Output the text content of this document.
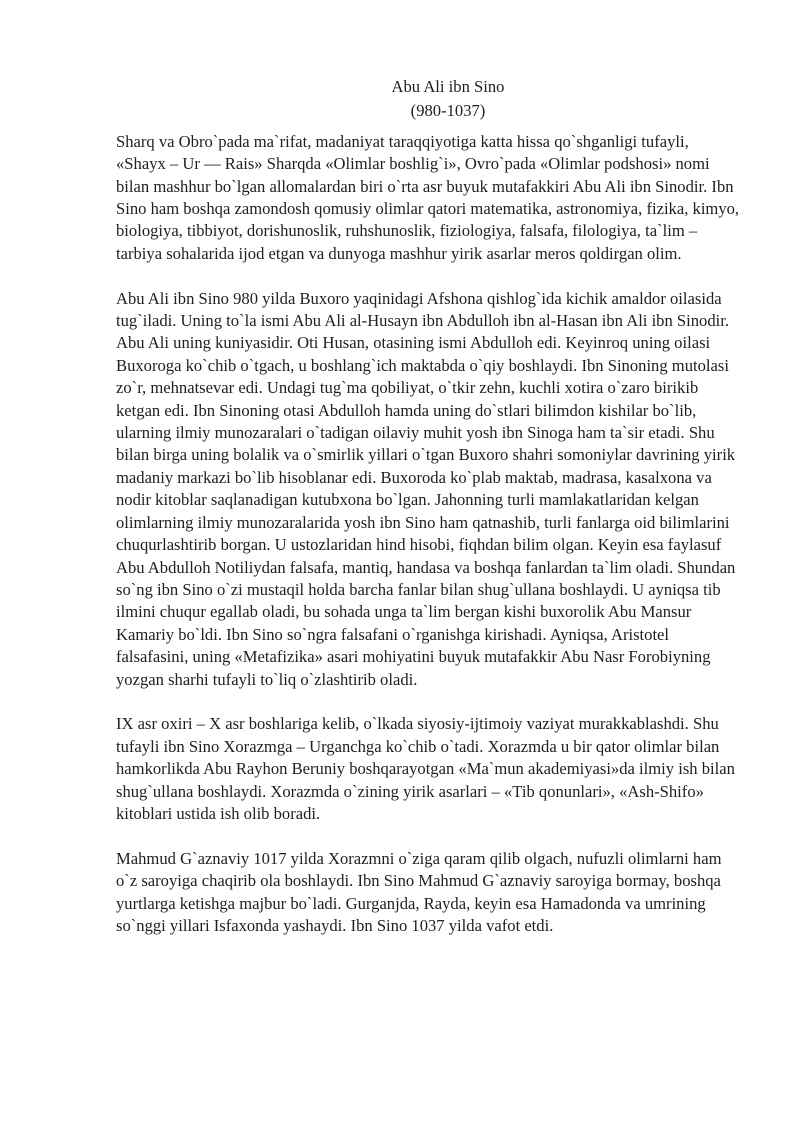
Abu Ali ibn Sino

(980-1037)

Sharq va Obro`pada ma`rifat, madaniyat taraqqiyotiga katta hissa qo`shganligi tufayli, «Shayx – Ur — Rais» Sharqda «Olimlar boshlig`i», Ovro`pada «Olimlar podshosi» nomi bilan mashhur bo`lgan allomalardan biri o`rta asr buyuk mutafakkiri Abu Ali ibn Sinodir. Ibn Sino ham boshqa zamondosh qomusiy olimlar qatori matematika, astronomiya, fizika, kimyo, biologiya, tibbiyot, dorishunoslik, ruhshunoslik, fiziologiya, falsafa, filologiya, ta`lim – tarbiya sohalarida ijod etgan va dunyoga mashhur yirik asarlar meros qoldirgan olim.

Abu Ali ibn Sino 980 yilda Buxoro yaqinidagi Afshona qishlog`ida kichik amaldor oilasida tug`iladi. Uning to`la ismi Abu Ali al-Husayn ibn Abdulloh ibn al-Hasan ibn Ali ibn Sinodir. Abu Ali uning kuniyasidir. Oti Husan, otasining ismi Abdulloh edi. Keyinroq uning oilasi Buxoroga ko`chib o`tgach, u boshlang`ich maktabda o`qiy boshlaydi. Ibn Sinoning mutolasi zo`r, mehnatsevar edi. Undagi tug`ma qobiliyat, o`tkir zehn, kuchli xotira o`zaro birikib ketgan edi. Ibn Sinoning otasi Abdulloh hamda uning do`stlari bilimdon kishilar bo`lib, ularning ilmiy munozaralari o`tadigan oilaviy muhit yosh ibn Sinoga ham ta`sir etadi. Shu bilan birga uning bolalik va o`smirlik yillari o`tgan Buxoro shahri somoniylar davrining yirik madaniy markazi bo`lib hisoblanar edi. Buxoroda ko`plab maktab, madrasa, kasalxona va nodir kitoblar saqlanadigan kutubxona bo`lgan. Jahonning turli mamlakatlaridan kelgan olimlarning ilmiy munozaralarida yosh ibn Sino ham qatnashib, turli fanlarga oid bilimlarini chuqurlashtirib borgan. U ustozlaridan hind hisobi, fiqhdan bilim olgan. Keyin esa faylasuf Abu Abdulloh Notiliydan falsafa, mantiq, handasa va boshqa fanlardan ta`lim oladi. Shundan so`ng ibn Sino o`zi mustaqil holda barcha fanlar bilan shug`ullana boshlaydi. U ayniqsa tib ilmini chuqur egallab oladi, bu sohada unga ta`lim bergan kishi buxorolik Abu Mansur Kamariy bo`ldi. Ibn Sino so`ngra falsafani o`rganishga kirishadi. Ayniqsa, Aristotel falsafasini, uning «Metafizika» asari mohiyatini buyuk mutafakkir Abu Nasr Forobiyning yozgan sharhi tufayli to`liq o`zlashtirib oladi.

IX asr oxiri – X asr boshlariga kelib, o`lkada siyosiy-ijtimoiy vaziyat murakkablashdi. Shu tufayli ibn Sino Xorazmga – Urganchga ko`chib o`tadi. Xorazmda u bir qator olimlar bilan hamkorlikda Abu Rayhon Beruniy boshqarayotgan «Ma`mun akademiyasi»da ilmiy ish bilan shug`ullana boshlaydi. Xorazmda o`zining yirik asarlari – «Tib qonunlari», «Ash-Shifo» kitoblari ustida ish olib boradi.

Mahmud G`aznaviy 1017 yilda Xorazmni o`ziga qaram qilib olgach, nufuzli olimlarni ham o`z saroyiga chaqirib ola boshlaydi. Ibn Sino Mahmud G`aznaviy saroyiga bormay, boshqa yurtlarga ketishga majbur bo`ladi. Gurganjda, Rayda, keyin esa Hamadonda va umrining so`nggi yillari Isfaxonda yashaydi. Ibn Sino 1037 yilda vafot etdi.
